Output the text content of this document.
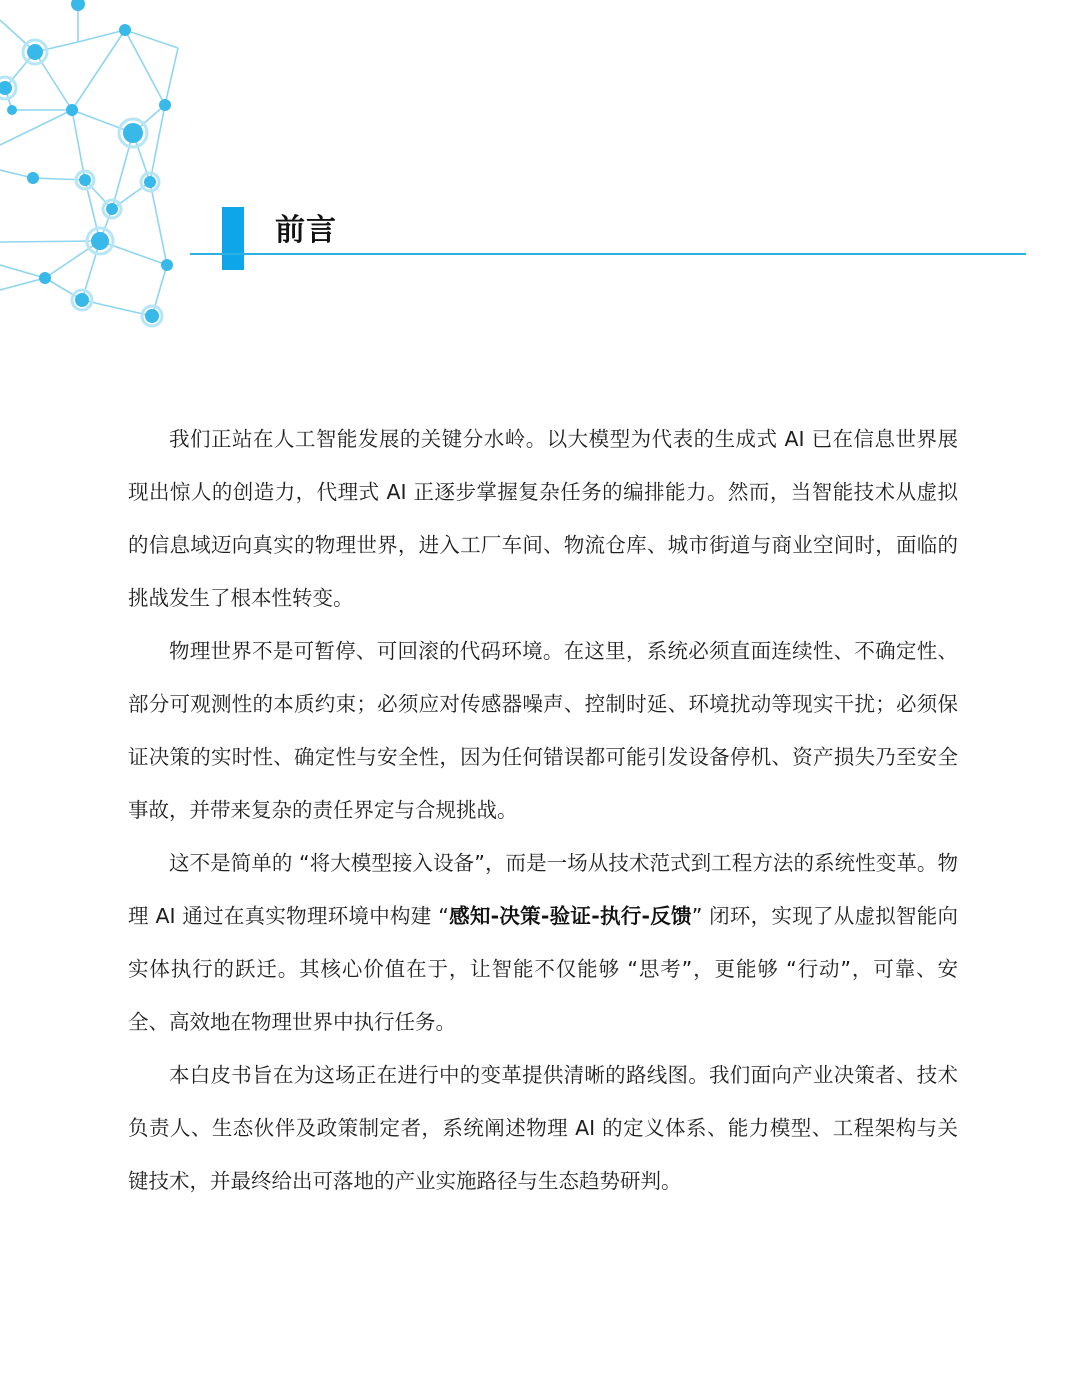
前言

我们正站在人工智能发展的关键分水岭。以大模型为代表的生成式 AI 已在信息世界展现出惊人的创造力，代理式 AI 正逐步掌握复杂任务的编排能力。然而，当智能技术从虚拟的信息域迈向真实的物理世界，进入工厂车间、物流仓库、城市街道与商业空间时，面临的挑战发生了根本性转变。

物理世界不是可暂停、可回滚的代码环境。在这里，系统必须直面连续性、不确定性、部分可观测性的本质约束；必须应对传感器噪声、控制时延、环境扰动等现实干扰；必须保证决策的实时性、确定性与安全性，因为任何错误都可能引发设备停机、资产损失乃至安全事故，并带来复杂的责任界定与合规挑战。

这不是简单的 “将大模型接入设备”，而是一场从技术范式到工程方法的系统性变革。物理 AI 通过在真实物理环境中构建 “感知-决策-验证-执行-反馈” 闭环，实现了从虚拟智能向实体执行的跃迁。其核心价值在于，让智能不仅能够 “思考”，更能够 “行动”，可靠、安全、高效地在物理世界中执行任务。

本白皮书旨在为这场正在进行中的变革提供清晰的路线图。我们面向产业决策者、技术负责人、生态伙伴及政策制定者，系统阐述物理 AI 的定义体系、能力模型、工程架构与关键技术，并最终给出可落地的产业实施路径与生态趋势研判。
